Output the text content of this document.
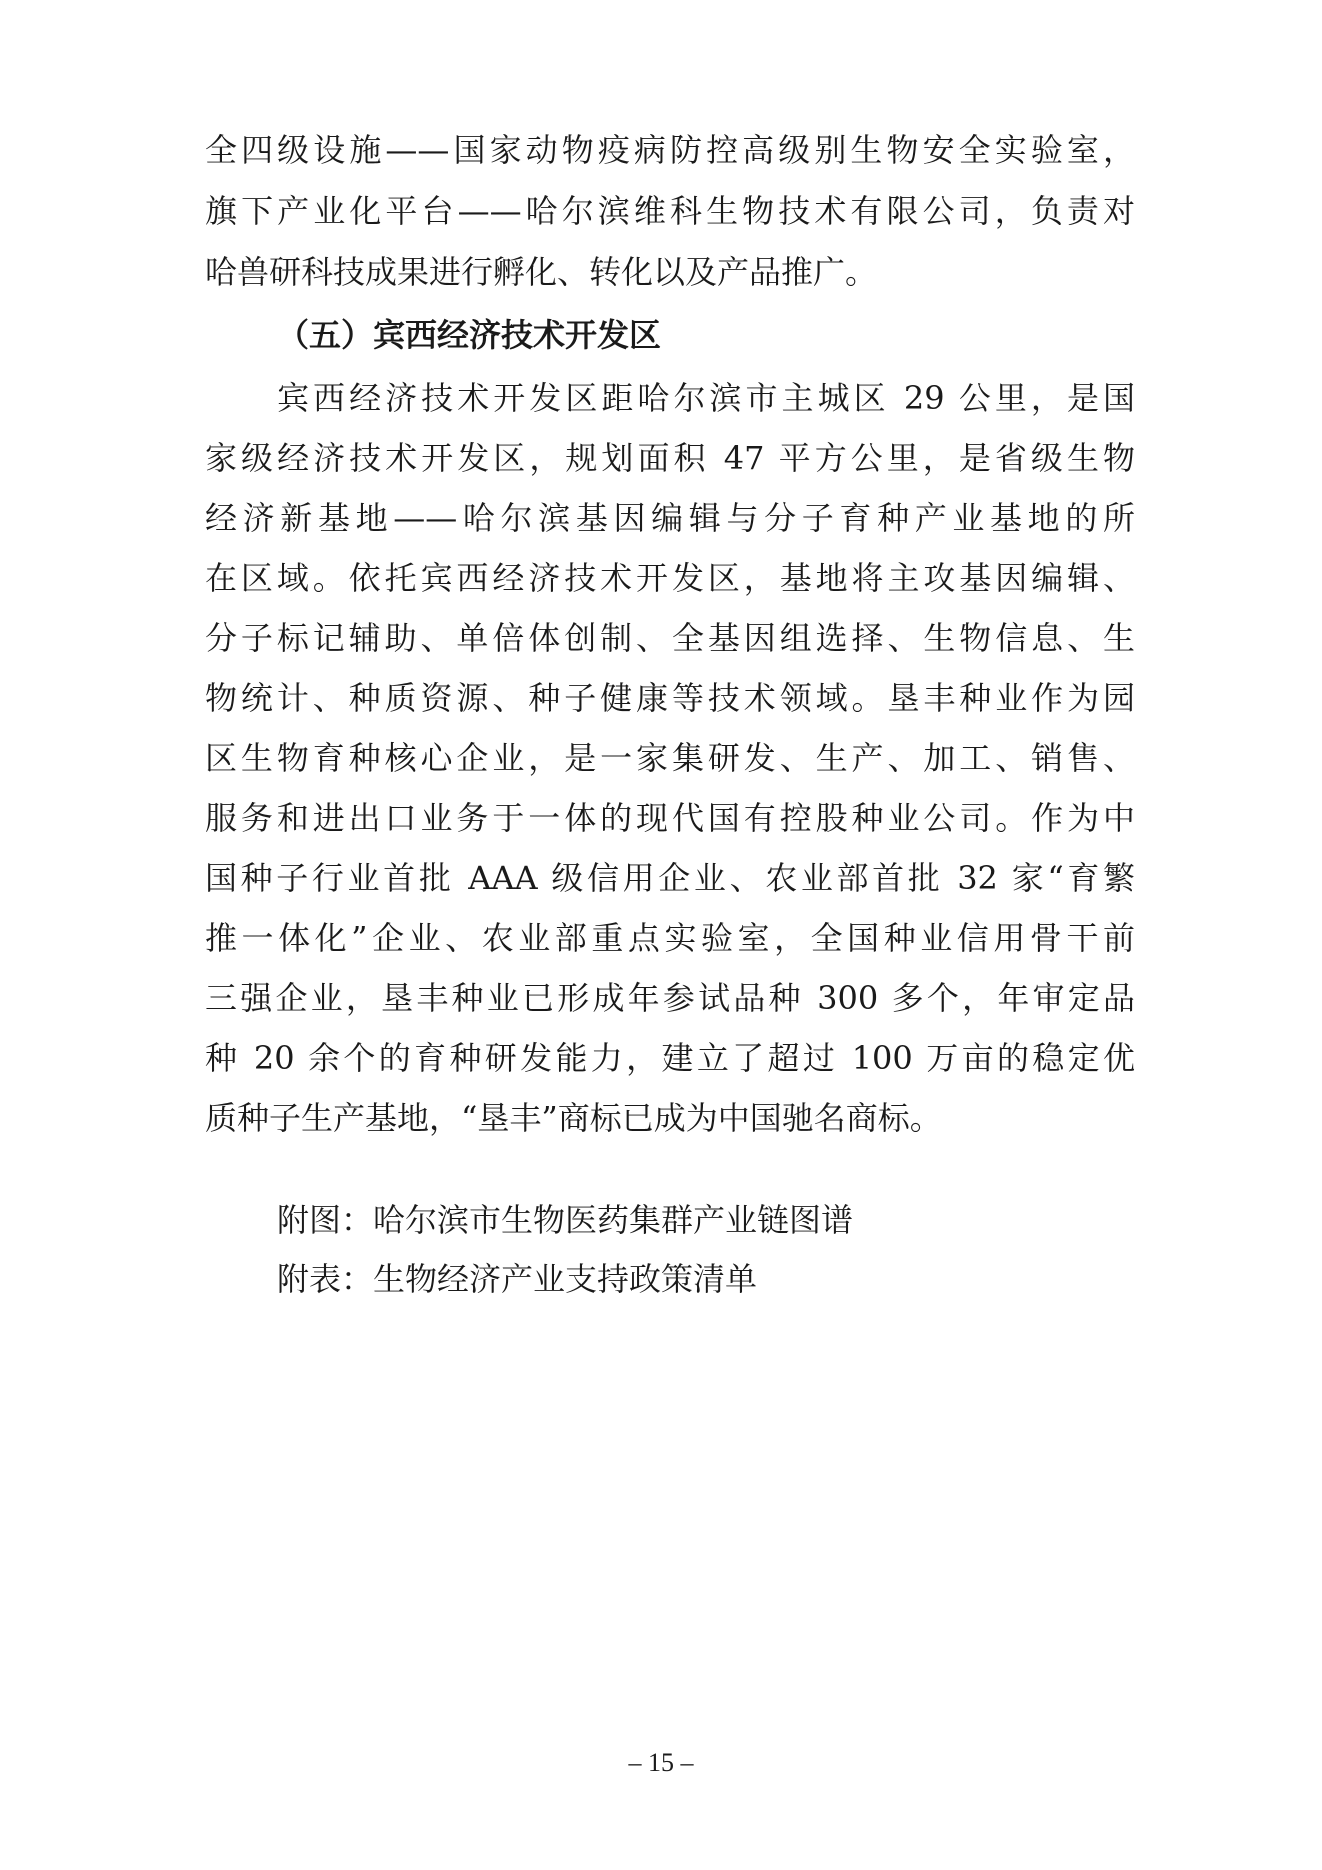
全四级设施——国家动物疫病防控高级别生物安全实验室，
旗下产业化平台——哈尔滨维科生物技术有限公司，负责对
哈兽研科技成果进行孵化、转化以及产品推广。
（五）宾西经济技术开发区
宾西经济技术开发区距哈尔滨市主城区 29 公里，是国
家级经济技术开发区，规划面积 47 平方公里，是省级生物
经济新基地——哈尔滨基因编辑与分子育种产业基地的所
在区域。依托宾西经济技术开发区，基地将主攻基因编辑、
分子标记辅助、单倍体创制、全基因组选择、生物信息、生
物统计、种质资源、种子健康等技术领域。垦丰种业作为园
区生物育种核心企业，是一家集研发、生产、加工、销售、
服务和进出口业务于一体的现代国有控股种业公司。作为中
国种子行业首批 AAA 级信用企业、农业部首批 32 家“育繁
推一体化”企业、农业部重点实验室，全国种业信用骨干前
三强企业，垦丰种业已形成年参试品种 300 多个，年审定品
种 20 余个的育种研发能力，建立了超过 100 万亩的稳定优
质种子生产基地，“垦丰”商标已成为中国驰名商标。
附图：哈尔滨市生物医药集群产业链图谱
附表：生物经济产业支持政策清单
– 15 –
